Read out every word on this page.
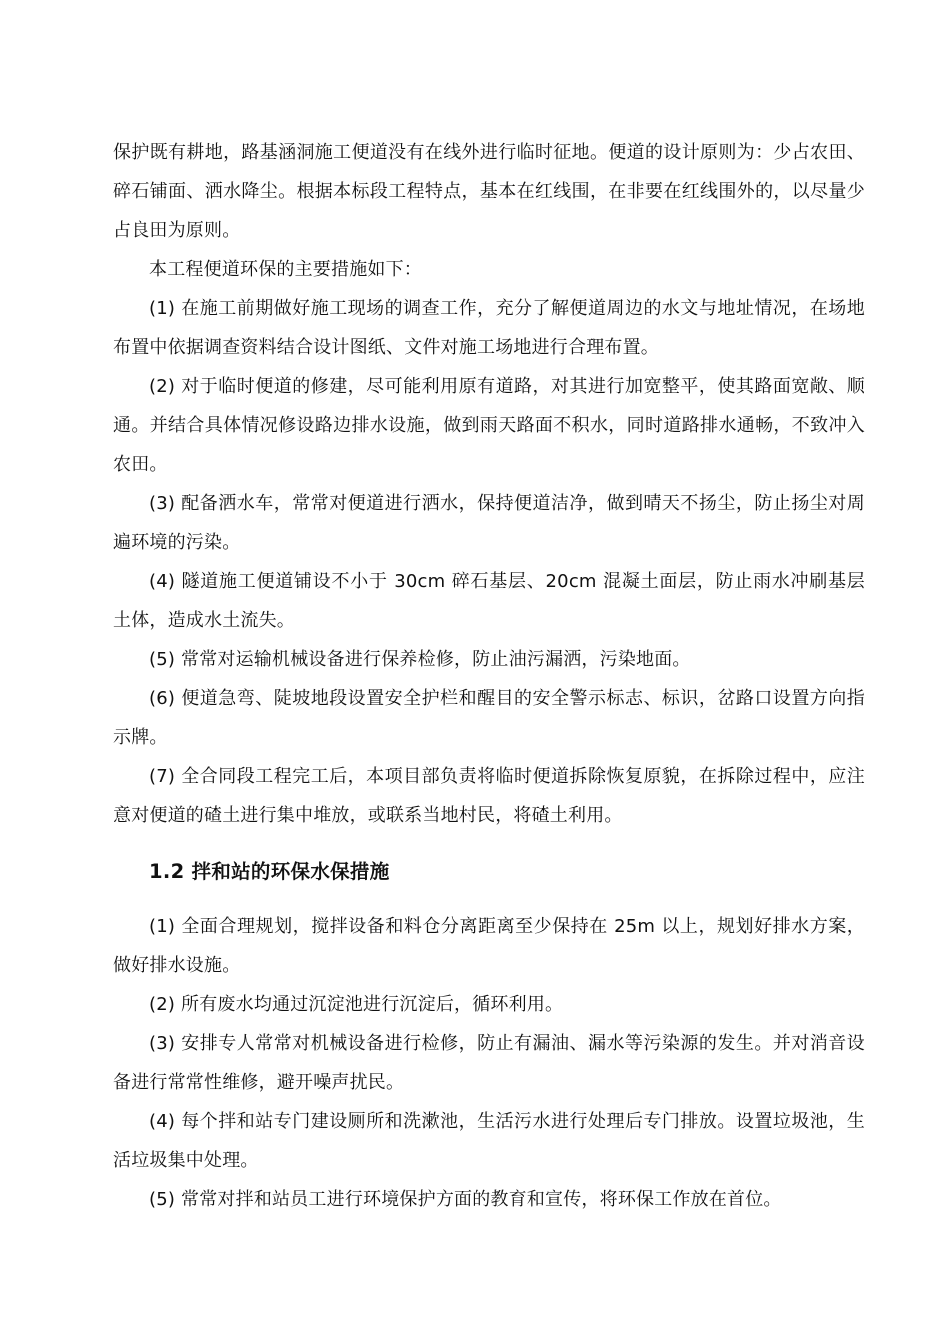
保护既有耕地，路基涵洞施工便道没有在线外进行临时征地。便道的设计原则为：少占农田、碎石铺面、洒水降尘。根据本标段工程特点，基本在红线围，在非要在红线围外的，以尽量少占良田为原则。

本工程便道环保的主要措施如下：

(1) 在施工前期做好施工现场的调查工作，充分了解便道周边的水文与地址情况，在场地布置中依据调查资料结合设计图纸、文件对施工场地进行合理布置。

(2) 对于临时便道的修建，尽可能利用原有道路，对其进行加宽整平，使其路面宽敞、顺通。并结合具体情况修设路边排水设施，做到雨天路面不积水，同时道路排水通畅，不致冲入农田。

(3) 配备洒水车，常常对便道进行洒水，保持便道洁净，做到晴天不扬尘，防止扬尘对周遍环境的污染。

(4) 隧道施工便道铺设不小于 30cm 碎石基层、20cm 混凝土面层，防止雨水冲刷基层土体，造成水土流失。

(5) 常常对运输机械设备进行保养检修，防止油污漏洒，污染地面。

(6) 便道急弯、陡坡地段设置安全护栏和醒目的安全警示标志、标识，岔路口设置方向指示牌。

(7) 全合同段工程完工后，本项目部负责将临时便道拆除恢复原貌，在拆除过程中，应注意对便道的碴土进行集中堆放，或联系当地村民，将碴土利用。

1.2 拌和站的环保水保措施

(1) 全面合理规划，搅拌设备和料仓分离距离至少保持在 25m 以上，规划好排水方案，做好排水设施。

(2) 所有废水均通过沉淀池进行沉淀后，循环利用。

(3) 安排专人常常对机械设备进行检修，防止有漏油、漏水等污染源的发生。并对消音设备进行常常性维修，避开噪声扰民。

(4) 每个拌和站专门建设厕所和洗漱池，生活污水进行处理后专门排放。设置垃圾池，生活垃圾集中处理。

(5) 常常对拌和站员工进行环境保护方面的教育和宣传，将环保工作放在首位。
